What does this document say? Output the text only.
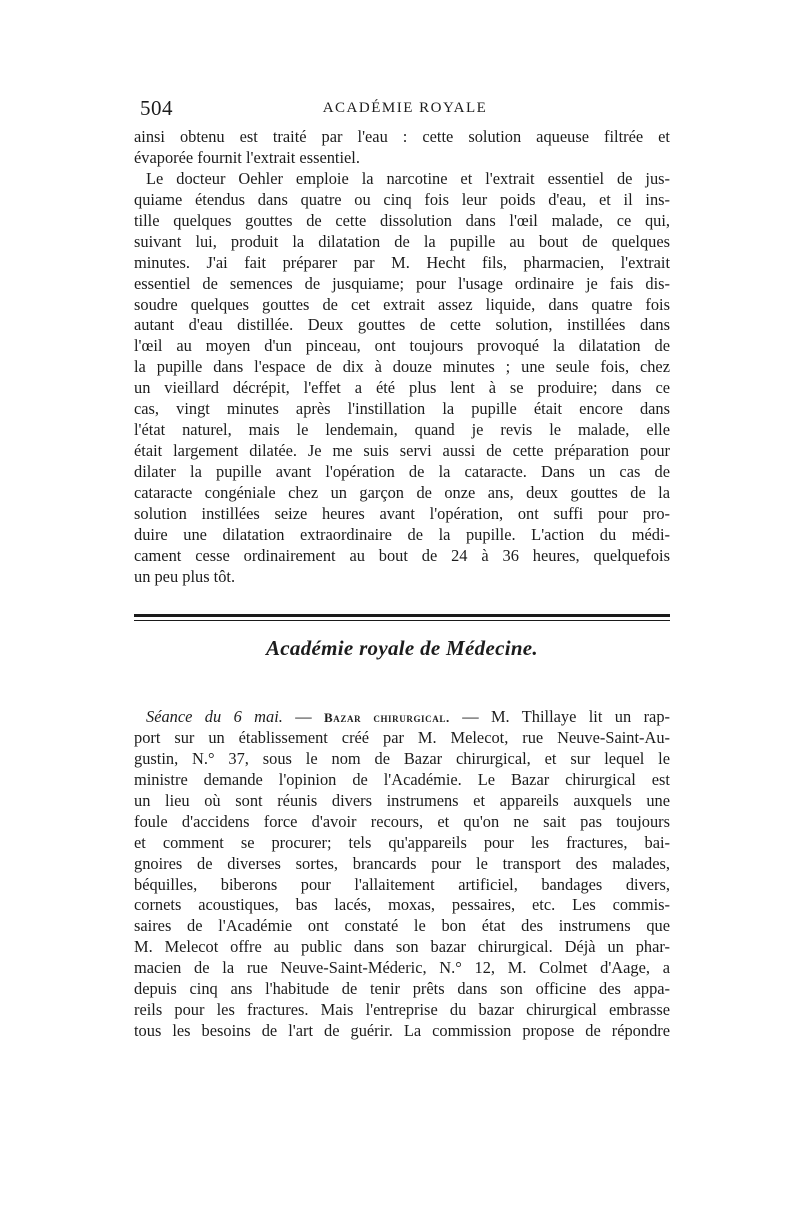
504	ACADÉMIE ROYALE
ainsi obtenu est traité par l'eau : cette solution aqueuse filtrée et
évaporée fournit l'extrait essentiel.
Le docteur Oehler emploie la narcotine et l'extrait essentiel de jus-
quiame étendus dans quatre ou cinq fois leur poids d'eau, et il ins-
tille quelques gouttes de cette dissolution dans l'œil malade, ce qui,
suivant lui, produit la dilatation de la pupille au bout de quelques
minutes. J'ai fait préparer par M. Hecht fils, pharmacien, l'extrait
essentiel de semences de jusquiame; pour l'usage ordinaire je fais dis-
soudre quelques gouttes de cet extrait assez liquide, dans quatre fois
autant d'eau distillée. Deux gouttes de cette solution, instillées dans
l'œil au moyen d'un pinceau, ont toujours provoqué la dilatation de
la pupille dans l'espace de dix à douze minutes ; une seule fois, chez
un vieillard décrépit, l'effet a été plus lent à se produire; dans ce
cas, vingt minutes après l'instillation la pupille était encore dans
l'état naturel, mais le lendemain, quand je revis le malade, elle
était largement dilatée. Je me suis servi aussi de cette préparation pour
dilater la pupille avant l'opération de la cataracte. Dans un cas de
cataracte congéniale chez un garçon de onze ans, deux gouttes de la
solution instillées seize heures avant l'opération, ont suffi pour pro-
duire une dilatation extraordinaire de la pupille. L'action du médi-
cament cesse ordinairement au bout de 24 à 36 heures, quelquefois
un peu plus tôt.
Académie royale de Médecine.
Séance du 6 mai. — Bazar chirurgical. — M. Thillaye lit un rap-
port sur un établissement créé par M. Melecot, rue Neuve-Saint-Au-
gustin, N.° 37, sous le nom de Bazar chirurgical, et sur lequel le
ministre demande l'opinion de l'Académie. Le Bazar chirurgical est
un lieu où sont réunis divers instrumens et appareils auxquels une
foule d'accidens force d'avoir recours, et qu'on ne sait pas toujours
et comment se procurer; tels qu'appareils pour les fractures, bai-
gnoires de diverses sortes, brancards pour le transport des malades,
béquilles, biberons pour l'allaitement artificiel, bandages divers,
cornets acoustiques, bas lacés, moxas, pessaires, etc. Les commis-
saires de l'Académie ont constaté le bon état des instrumens que
M. Melecot offre au public dans son bazar chirurgical. Déjà un phar-
macien de la rue Neuve-Saint-Méderic, N.° 12, M. Colmet d'Aage, a
depuis cinq ans l'habitude de tenir prêts dans son officine des appa-
reils pour les fractures. Mais l'entreprise du bazar chirurgical embrasse
tous les besoins de l'art de guérir. La commission propose de répondre
